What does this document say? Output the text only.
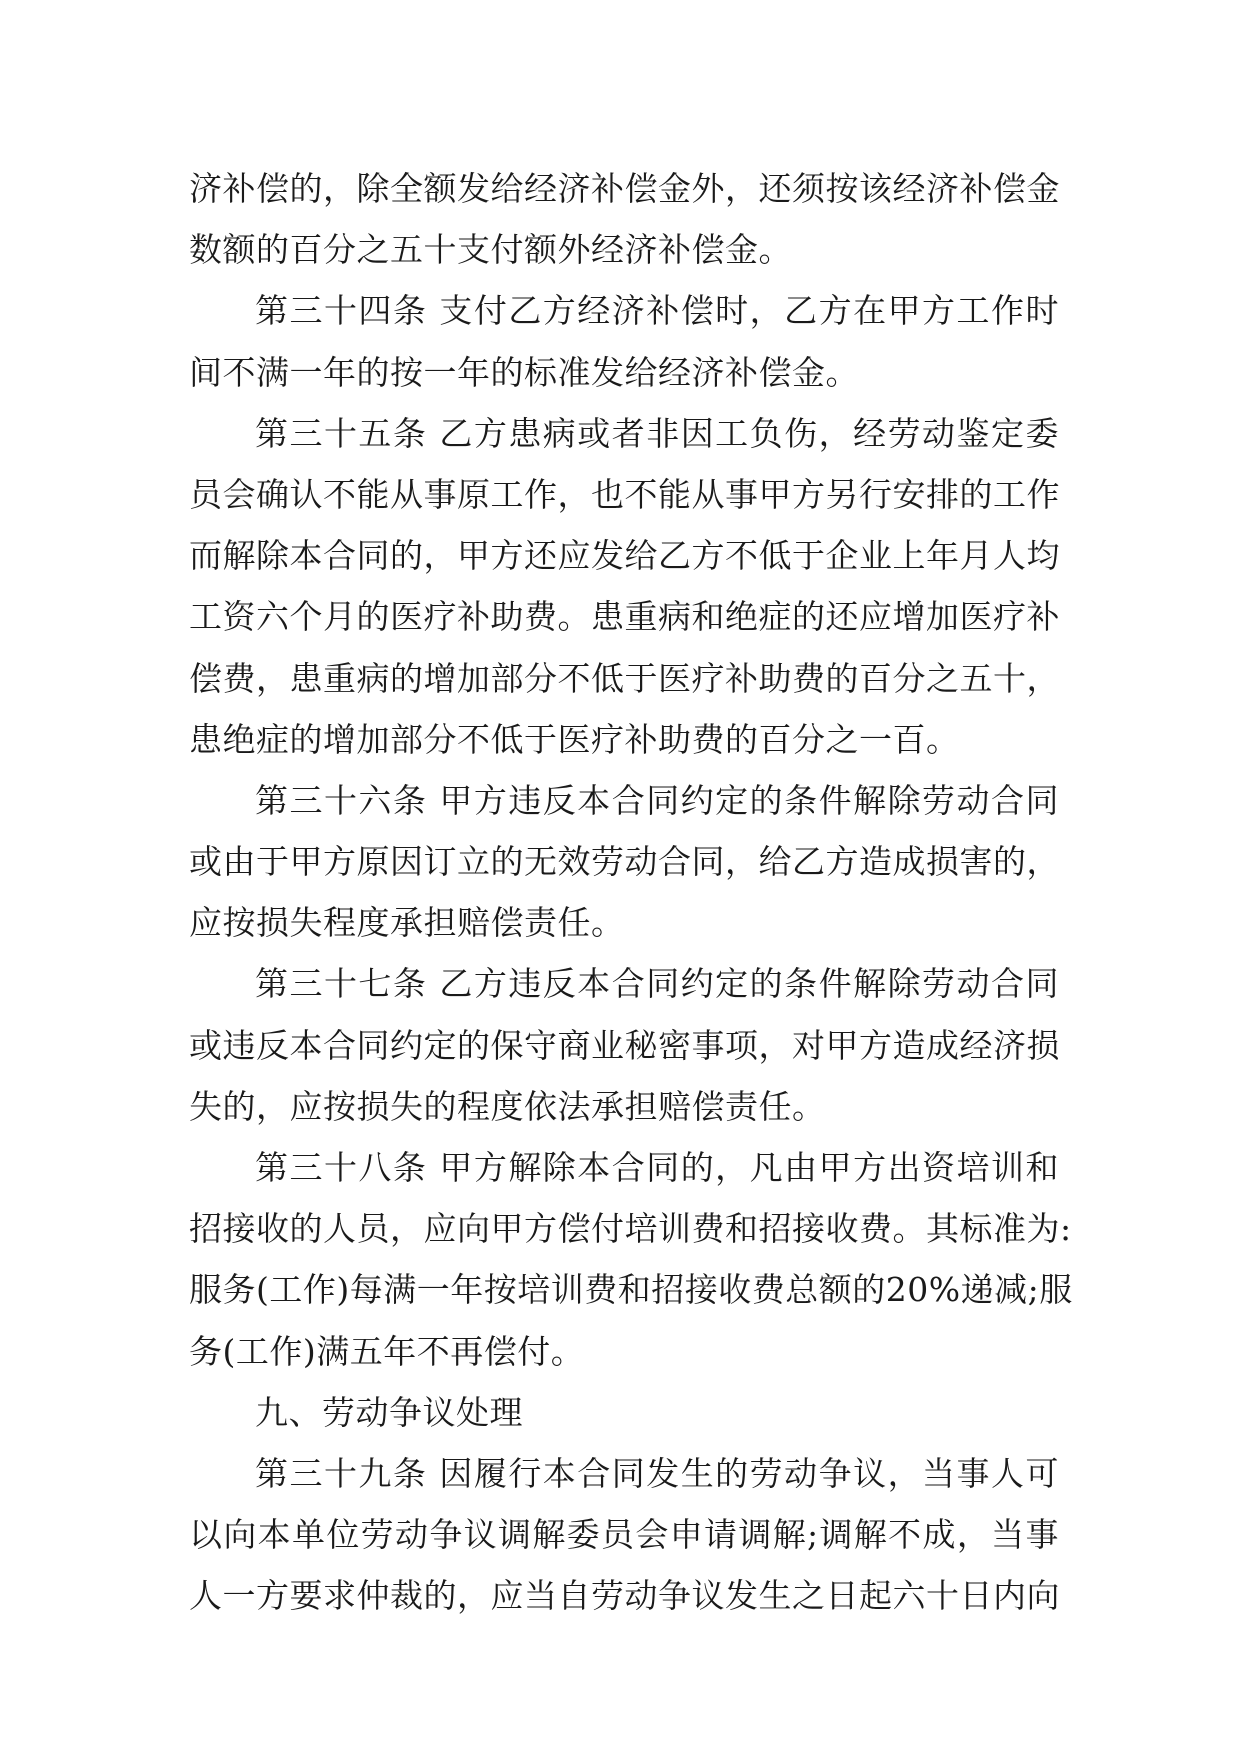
济补偿的，除全额发给经济补偿金外，还须按该经济补偿金
数额的百分之五十支付额外经济补偿金。
第三十四条 支付乙方经济补偿时，乙方在甲方工作时
间不满一年的按一年的标准发给经济补偿金。
第三十五条 乙方患病或者非因工负伤，经劳动鉴定委
员会确认不能从事原工作，也不能从事甲方另行安排的工作
而解除本合同的，甲方还应发给乙方不低于企业上年月人均
工资六个月的医疗补助费。患重病和绝症的还应增加医疗补
偿费，患重病的增加部分不低于医疗补助费的百分之五十，
患绝症的增加部分不低于医疗补助费的百分之一百。
第三十六条 甲方违反本合同约定的条件解除劳动合同
或由于甲方原因订立的无效劳动合同，给乙方造成损害的，
应按损失程度承担赔偿责任。
第三十七条 乙方违反本合同约定的条件解除劳动合同
或违反本合同约定的保守商业秘密事项，对甲方造成经济损
失的，应按损失的程度依法承担赔偿责任。
第三十八条 甲方解除本合同的，凡由甲方出资培训和
招接收的人员，应向甲方偿付培训费和招接收费。其标准为:
服务(工作)每满一年按培训费和招接收费总额的20%递减;服
务(工作)满五年不再偿付。
九、劳动争议处理
第三十九条 因履行本合同发生的劳动争议，当事人可
以向本单位劳动争议调解委员会申请调解;调解不成，当事
人一方要求仲裁的，应当自劳动争议发生之日起六十日内向
